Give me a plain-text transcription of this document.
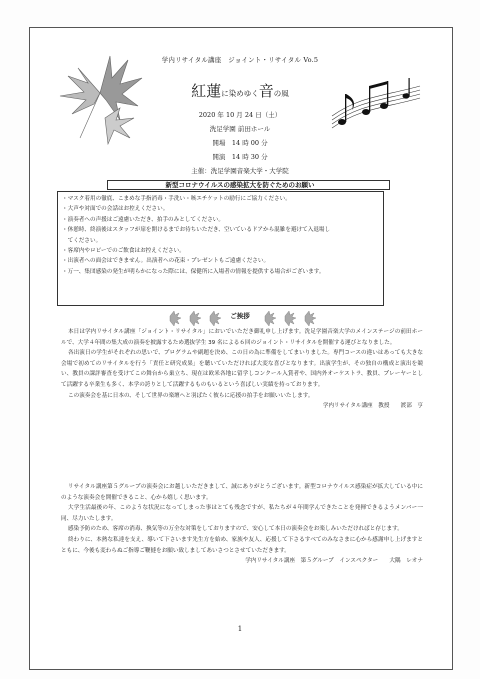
学内リサイタル講座　ジョイント・リサイタル Vo.5
紅蓮に染めゆく音の風
2020 年 10 月 24 日（土）
洗足学園 前田ホール
開場　14 時 00 分
開演　14 時 30 分
主催：洗足学園音楽大学・大学院
新型コロナウイルスの感染拡大を防ぐためのお願い
・マスク着用の徹底、こまめな手指消毒・手洗い・咳エチケットの励行にご協力ください。
・大声や対面での会話はお控えください。
・演奏者への声援はご遠慮いただき、拍手のみとしてください。
・休憩時、終演後はスタッフが扉を開けるまでお待ちいただき、空いているドアから混雑を避けて入退場し
　てください。
・客席内やロビーでのご飲食はお控えください。
・出演者への面会はできません。出演者への花束・プレゼントもご遠慮ください。
・万一、集団感染の発生が明らかになった際には、保健所に入場者の情報を提供する場合がございます。
ご挨拶

本日は学内リサイタル講座「ジョイント・リサイタル」においでいただき御礼申し上げます。洗足学園音楽大学のメインステージの前田ホールで、大学４年間の集大成の演奏を披露するため選抜学生 39 名による６回のジョイント・リサイタルを開催する運びとなりました。

各出演日の学生がそれぞれの思いで、プログラムや副題を決め、この日の為に準備をしてまいりました。専門コースの違いはあっても大きな会場で初めてのリサイタルを行う「責任と研究成果」を聴いていただければ大変な喜びとなります。出演学生が、その独自の構成と演出を競い、教員の課評審査を受けてこの舞台から巣立ち、現在は欧米各地に留学しコンクール入賞者や、国内外オーケストラ、教員、プレーヤーとして活躍する卒業生も多く、本学の誇りとして活躍するものもいるという喜ばしい実績を持っております。

この演奏会を基に日本の、そして世界の楽壇へと羽ばたく彼らに応援の拍手をお願いいたします。

学内リサイタル講座　教授　　渡部　亨

リサイタル講座第５グループの演奏会にお越しいただきまして、誠にありがとうございます。新型コロナウイルス感染症が拡大している中にのような演奏会を開催できること、心から嬉しく思います。

大学生活最後の年、このような状況になってしまった事はとても残念ですが、私たちが４年間学んできたことを発揮できるようメンバー一同、尽力いたします。

感染予防のため、客席の消毒、換気等の万全な対策をしておりますので、安心して本日の演奏会をお楽しみいただければと存じます。

終わりに、本熱な私達を支え、導いて下さいます先生方を始め、家族や友人、応援して下さるすべてのみなさまに心から感謝申し上げますとともに、今後も変わらぬご指導ご鞭撻をお願い致しましてあいさつとさせていただきます。

学内リサイタル講座　第５グループ　インスペクター　　大隅　レオナ
1
